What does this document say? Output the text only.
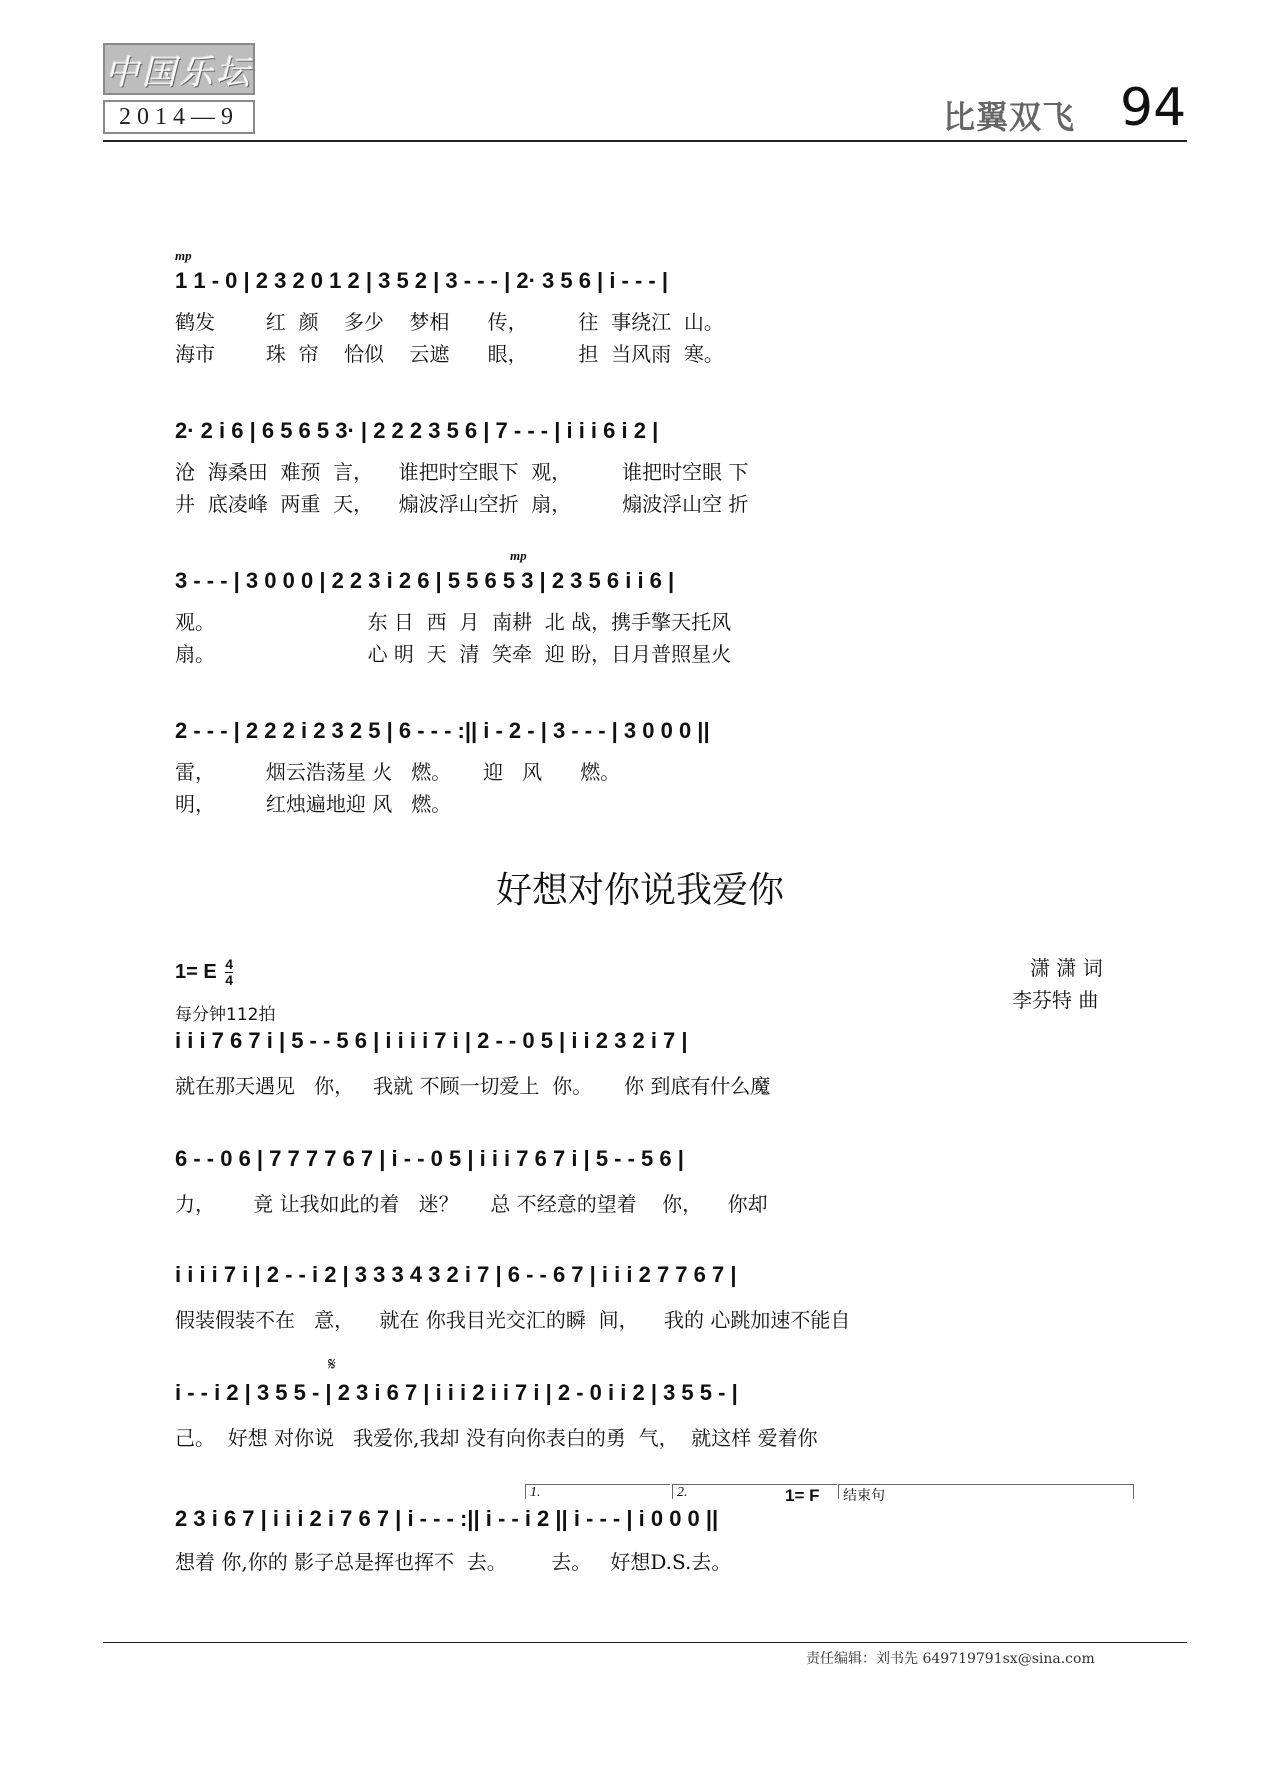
中国乐坛
2014—9	比翼双飞 94
mp
1 1 - 0 | 2 3 2 0 1 2 | 3 5 2 | 3 - - - | 2· 3 5 6 | i - - - |
鹤发        红  颜    多少    梦相      传，        往  事绕江  山。
海市        珠  帘    恰似    云遮      眼，        担  当风雨  寒。
2· 2 i 6 | 6 5 6 5 3· | 2 2 2 3 5 6 | 7 - - - | i i i 6 i 2 |
沧  海桑田  难预  言，    谁把时空眼下  观，        谁把时空眼 下
井  底凌峰  两重  天，    煽波浮山空折  扇，        煽波浮山空 折
mp
3 - - - | 3 0 0 0 | 2 2 3 i 2 6 | 5 5 6 5 3 | 2 3 5 6 i i 6 |
观。                        东 日  西  月  南耕  北 战，携手擎天托风
扇。                        心 明  天  清  笑牵  迎 盼，日月普照星火
2 - - - | 2 2 2 i 2 3 2 5 | 6 - - - :|| i - 2 - | 3 - - - | 3 0 0 0 ||
雷，        烟云浩荡星 火   燃。     迎   风      燃。
明，        红烛遍地迎 风   燃。
好想对你说我爱你
1= E $\frac{4}{4}$
每分钟112拍
潇 潇 词
李芬特 曲
i i i 7 6 7 i | 5 - - 5 6 | i i i i 7 i | 2 - - 0 5 | i i 2 3 2 i 7 |
就在那天遇见   你，   我就 不顾一切爱上  你。     你 到底有什么魔
6 - - 0 6 | 7 7 7 7 6 7 | i - - 0 5 | i i i 7 6 7 i | 5 - - 5 6 |
力，      竟 让我如此的着   迷？     总 不经意的望着    你，    你却
i i i i 7 i | 2 - - i 2 | 3 3 3 4 3 2 i 7 | 6 - - 6 7 | i i i 2 7 7 6 7 |
假装假装不在   意，    就在 你我目光交汇的瞬  间，    我的 心跳加速不能自
𝄋
i - - i 2 | 3 5 5 - | 2 3 i 6 7 | i i i 2 i i 7 i | 2 - 0 i i 2 | 3 5 5 - |
己。  好想 对你说   我爱你,我却 没有向你表白的勇  气，  就这样 爱着你
1.	2.	1= F	结束句
2 3 i 6 7 | i i i 2 i 7 6 7 | i - - - :|| i - - i 2 || i - - - | i 0 0 0 ||
想着 你,你的 影子总是挥也挥不  去。       去。   好想D.S.去。
责任编辑：刘书先 649719791sx@sina.com
